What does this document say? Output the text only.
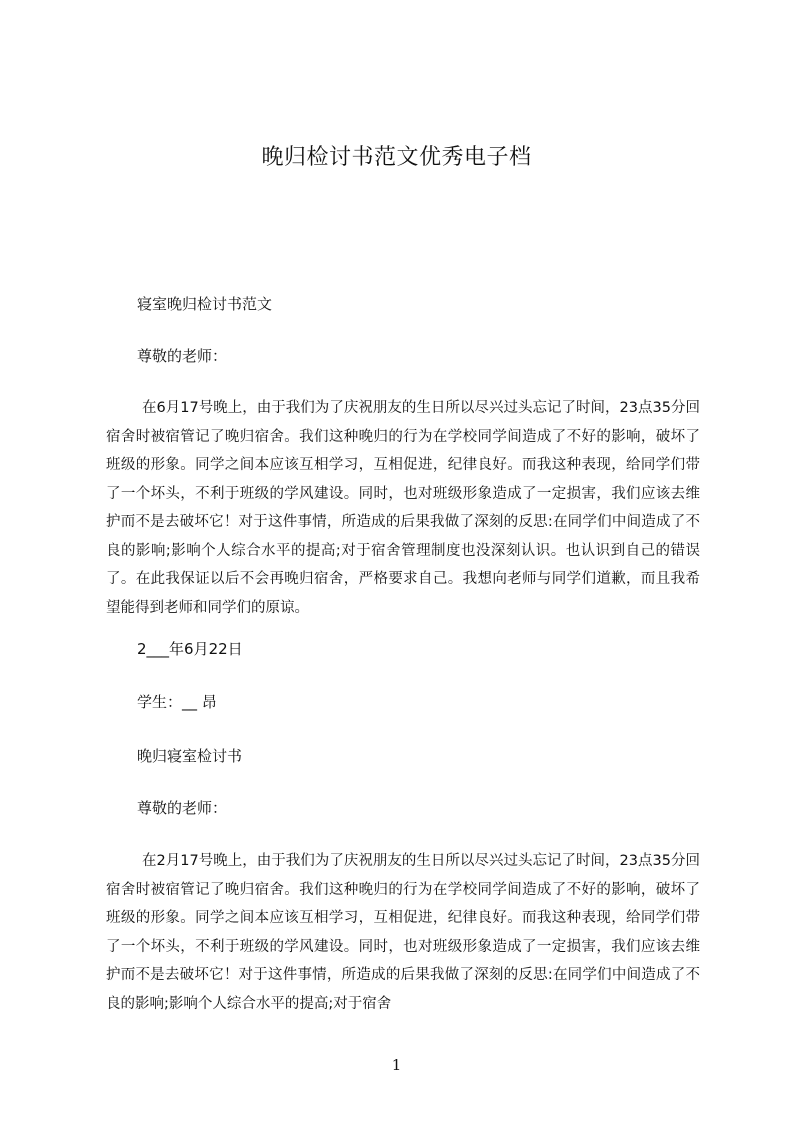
晚归检讨书范文优秀电子档
寝室晚归检讨书范文
尊敬的老师：
在6月17号晚上，由于我们为了庆祝朋友的生日所以尽兴过头忘记了时间，23点35分回宿舍时被宿管记了晚归宿舍。我们这种晚归的行为在学校同学间造成了不好的影响，破坏了班级的形象。同学之间本应该互相学习，互相促进，纪律良好。而我这种表现，给同学们带了一个坏头，不利于班级的学风建设。同时，也对班级形象造成了一定损害，我们应该去维护而不是去破坏它！对于这件事情，所造成的后果我做了深刻的反思:在同学们中间造成了不良的影响;影响个人综合水平的提高;对于宿舍管理制度也没深刻认识。也认识到自己的错误了。在此我保证以后不会再晚归宿舍，严格要求自己。我想向老师与同学们道歉，而且我希望能得到老师和同学们的原谅。
2___年6月22日
学生：__ 昂
晚归寝室检讨书
尊敬的老师：
在2月17号晚上，由于我们为了庆祝朋友的生日所以尽兴过头忘记了时间，23点35分回宿舍时被宿管记了晚归宿舍。我们这种晚归的行为在学校同学间造成了不好的影响，破坏了班级的形象。同学之间本应该互相学习，互相促进，纪律良好。而我这种表现，给同学们带了一个坏头，不利于班级的学风建设。同时，也对班级形象造成了一定损害，我们应该去维护而不是去破坏它！对于这件事情，所造成的后果我做了深刻的反思:在同学们中间造成了不良的影响;影响个人综合水平的提高;对于宿舍
1
